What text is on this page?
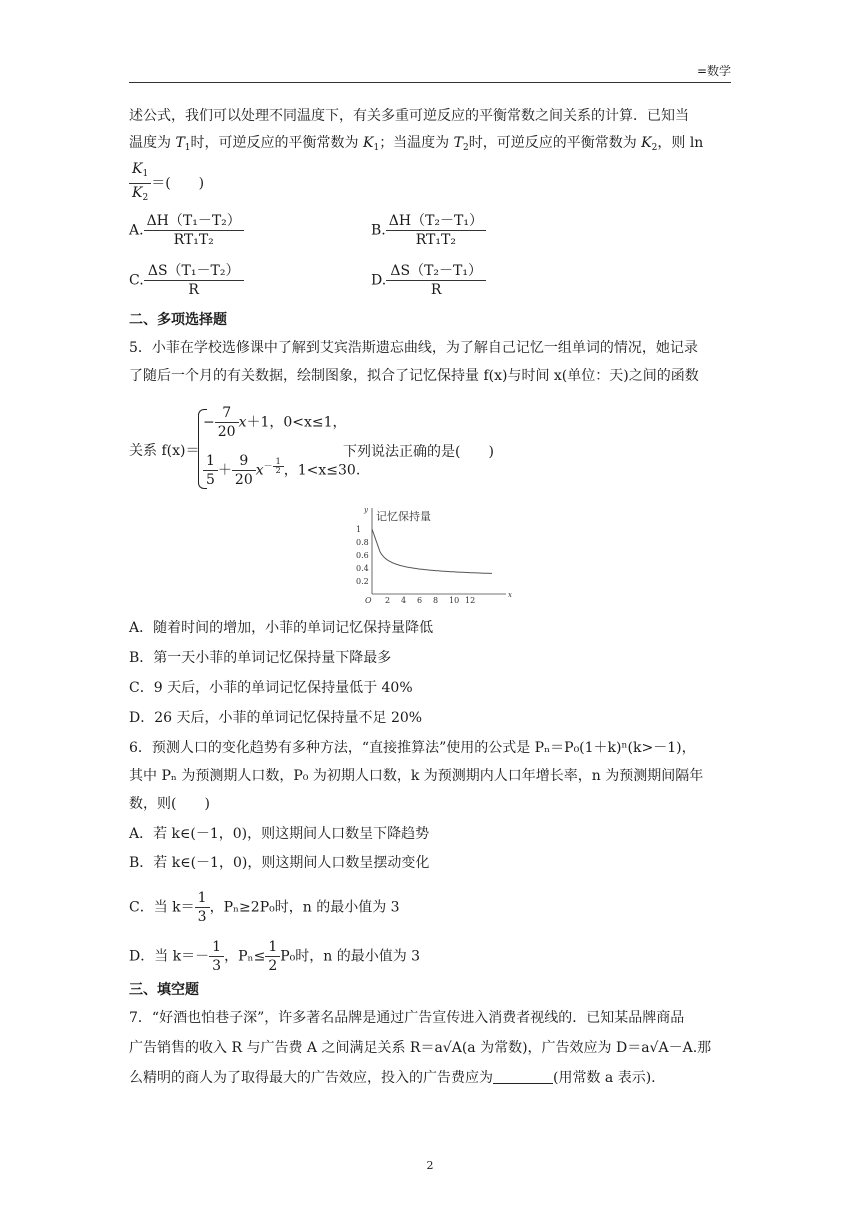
=数学
述公式，我们可以处理不同温度下，有关多重可逆反应的平衡常数之间关系的计算．已知当
温度为 $T_1$时，可逆反应的平衡常数为 $K_1$；当温度为 $T_2$时，可逆反应的平衡常数为 $K_2$，则 ln
$\frac{K_1}{K_2}$ ＝(　　)
A. $\frac{\text{ΔH（T₁－T₂）}}{\text{RT₁T₂}}$	B. $\frac{\text{ΔH（T₂－T₁）}}{\text{RT₁T₂}}$
C. $\frac{\text{ΔS（T₁－T₂）}}{R}$	D. $\frac{\text{ΔS（T₂－T₁）}}{R}$
二、多项选择题
5．小菲在学校选修课中了解到艾宾浩斯遗忘曲线，为了解自己记忆一组单词的情况，她记录
了随后一个月的有关数据，绘制图象，拟合了记忆保持量 f(x)与时间 x(单位：天)之间的函数
关系 f(x)＝
− $\frac{7}{20} x+1$，0<x≤1，
$\frac{1}{5} + \frac{9}{20} x^{- \frac{1}{2}}$ ，1<x≤30.
下列说法正确的是(　　)
y
x
O
记忆保持量
2 4 6 8 10 12
1
0.8
0.6
0.4
0.2
A．随着时间的增加，小菲的单词记忆保持量降低
B．第一天小菲的单词记忆保持量下降最多
C．9 天后，小菲的单词记忆保持量低于 40%
D．26 天后，小菲的单词记忆保持量不足 20%
6．预测人口的变化趋势有多种方法，“直接推算法”使用的公式是 Pₙ＝P₀(1＋k)ⁿ(k>－1)，
其中 Pₙ 为预测期人口数，P₀ 为初期人口数，k 为预测期内人口年增长率，n 为预测期间隔年
数，则(　　)
A．若 k∈(－1，0)，则这期间人口数呈下降趋势
B．若 k∈(－1，0)，则这期间人口数呈摆动变化
C．当 $k= \frac{1}{3}$ ，Pₙ≥2P₀时，n 的最小值为 3
D．当 $k=- \frac{1}{3}$ ，$P_n\le \frac{1}{2} P_0$时，n 的最小值为 3
三、填空题
7．“好酒也怕巷子深”，许多著名品牌是通过广告宣传进入消费者视线的．已知某品牌商品
广告销售的收入 R 与广告费 A 之间满足关系 R＝a√A(a 为常数)，广告效应为 D＝a√A－A.那
么精明的商人为了取得最大的广告效应，投入的广告费应为	(用常数 a 表示).
2
